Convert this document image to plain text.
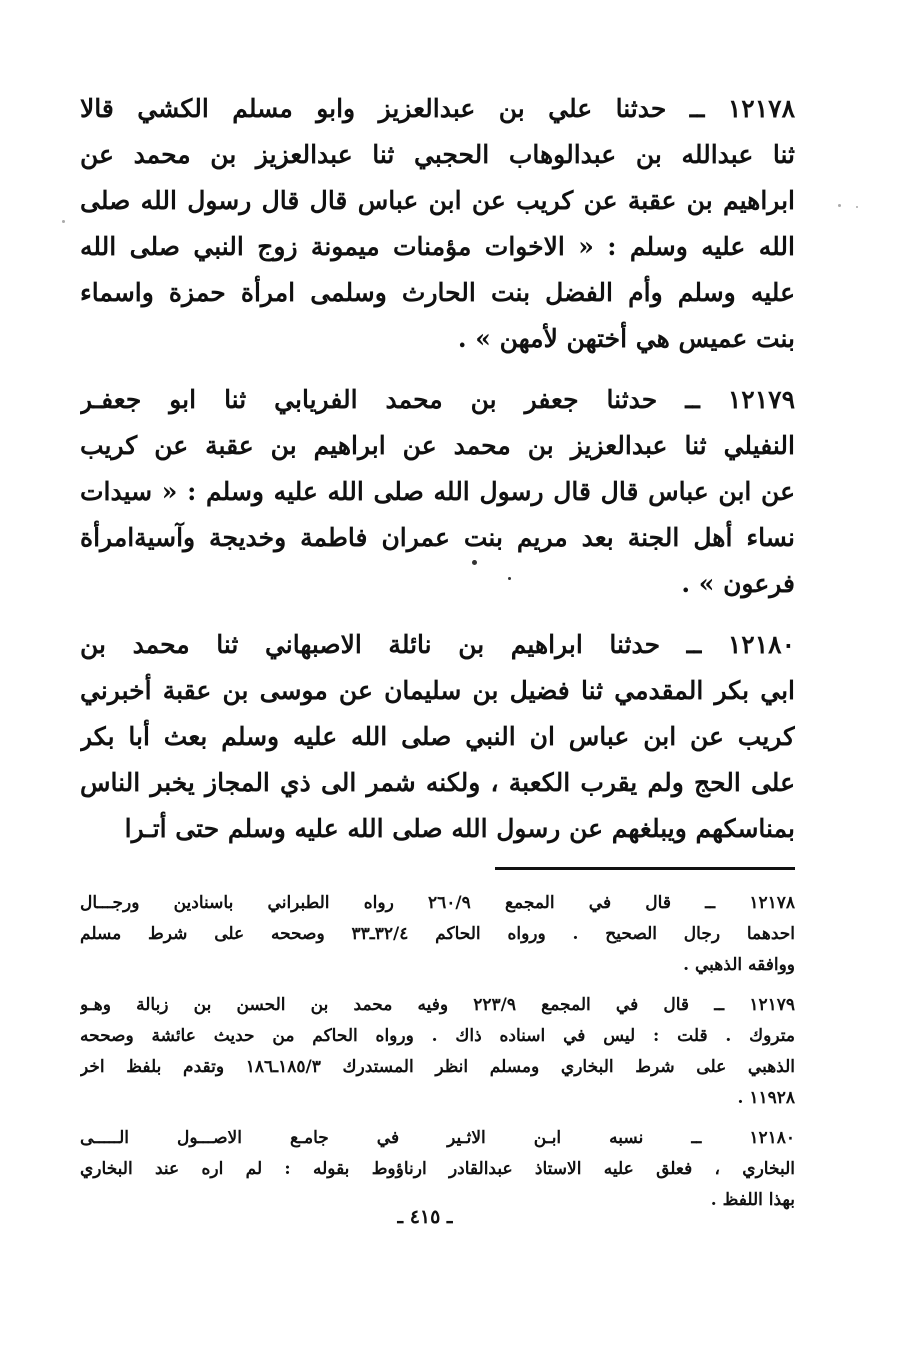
١٢١٧٨ ــ حدثنا علي بن عبدالعزيز وابو مسلم الكشي قالا
ثنا عبدالله بن عبدالوهاب الحجبي ثنا عبدالعزيز بن محمد عن
ابراهيم بن عقبة عن كريب عن ابن عباس قال قال رسول الله صلى
الله عليه وسلم : « الاخوات مؤمنات ميمونة زوج النبي صلى الله
عليه وسلم وأم الفضل بنت الحارث وسلمى امرأة حمزة واسماء
بنت عميس هي أختهن لأمهن » .
١٢١٧٩ ــ حدثنا جعفر بن محمد الفريابي ثنا ابو جعفـر
النفيلي ثنا عبدالعزيز بن محمد عن ابراهيم بن عقبة عن كريب
عن ابن عباس قال قال رسول الله صلى الله عليه وسلم : « سيدات
نساء أهل الجنة بعد مريم بنت عمران فاطمة وخديجة وآسيةامرأة
فرعون » .
١٢١٨٠ ــ حدثنا ابراهيم بن نائلة الاصبهاني ثنا محمد بن
ابي بكر المقدمي ثنا فضيل بن سليمان عن موسى بن عقبة أخبرني
كريب عن ابن عباس ان النبي صلى الله عليه وسلم بعث أبا بكر
على الحج ولم يقرب الكعبة ، ولكنه شمر الى ذي المجاز يخبر الناس
بمناسكهم ويبلغهم عن رسول الله صلى الله عليه وسلم حتى أتـرا
١٢١٧٨ ــ قال في المجمع ٢٦٠/٩ رواه الطبراني باسنادين ورجـــال
احدهما رجال الصحيح . ورواه الحاكم ٣٢/٤ـ٣٣ وصححه على شرط مسلم
ووافقه الذهبي .
١٢١٧٩ ــ قال في المجمع ٢٢٣/٩ وفيه محمد بن الحسن بن زبالة وهـو
متروك . قلت : ليس في اسناده ذاك . ورواه الحاكم من حديث عائشة وصححه
الذهبي على شرط البخاري ومسلم انظر المستدرك ١٨٥/٣ـ١٨٦ وتقدم بلفظ اخر
١١٩٢٨ .
١٢١٨٠ ــ نسبه ابـن الاثـير في جامـع الاصـــول الـــــى
البخاري ، فعلق عليه الاستاذ عبدالقادر ارناؤوط بقوله : لم اره عند البخاري
بهذا اللفظ .
ـ ٤١٥ ـ
